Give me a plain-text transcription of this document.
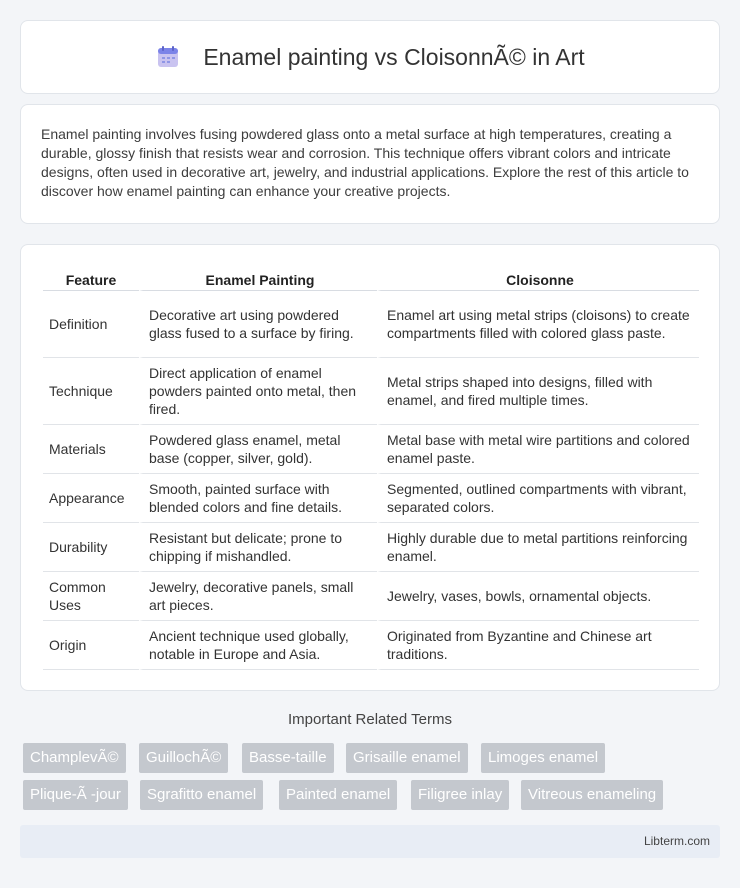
Enamel painting vs CloisonnÃ© in Art

Enamel painting involves fusing powdered glass onto a metal surface at high temperatures, creating a durable, glossy finish that resists wear and corrosion. This technique offers vibrant colors and intricate designs, often used in decorative art, jewelry, and industrial applications. Explore the rest of this article to discover how enamel painting can enhance your creative projects.

Feature	Enamel Painting	Cloisonne
Definition	Decorative art using powdered glass fused to a surface by firing.	Enamel art using metal strips (cloisons) to create compartments filled with colored glass paste.
Technique	Direct application of enamel powders painted onto metal, then fired.	Metal strips shaped into designs, filled with enamel, and fired multiple times.
Materials	Powdered glass enamel, metal base (copper, silver, gold).	Metal base with metal wire partitions and colored enamel paste.
Appearance	Smooth, painted surface with blended colors and fine details.	Segmented, outlined compartments with vibrant, separated colors.
Durability	Resistant but delicate; prone to chipping if mishandled.	Highly durable due to metal partitions reinforcing enamel.
Common Uses	Jewelry, decorative panels, small art pieces.	Jewelry, vases, bowls, ornamental objects.
Origin	Ancient technique used globally, notable in Europe and Asia.	Originated from Byzantine and Chinese art traditions.
Important Related Terms
ChamplevÃ©	GuillochÃ©	Basse-taille	Grisaille enamel	Limoges enamel
Plique-Ã -jour	Sgrafitto enamel	Painted enamel	Filigree inlay	Vitreous enameling
Libterm.com
